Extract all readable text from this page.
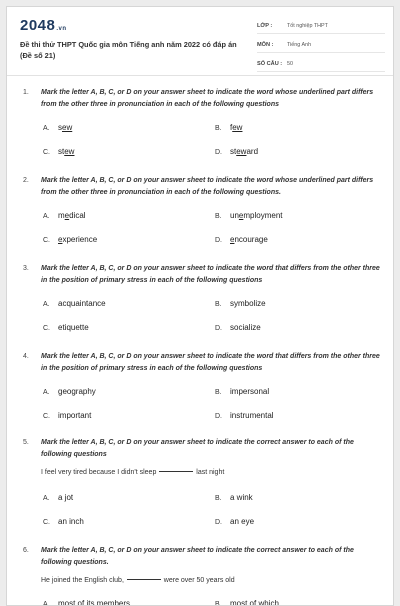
2048.vn
Đề thi thử THPT Quốc gia môn Tiếng anh năm 2022 có đáp án (Đề số 21)
LỚP :	Tốt nghiệp THPT
MÔN :	Tiếng Anh
SỐ CÂU : 50
1. Mark the letter A, B, C, or D on your answer sheet to indicate the word whose underlined part differs from the other three in pronunciation in each of the following questions
A. sew	B. few
C. stew	D. steward
2. Mark the letter A, B, C, or D on your answer sheet to indicate the word whose underlined part differs from the other three in pronunciation in each of the following questions.
A. medical	B. unemployment
C. experience	D. encourage
3. Mark the letter A, B, C, or D on your answer sheet to indicate the word that differs from the other three in the position of primary stress in each of the following questions
A. acquaintance	B. symbolize
C. etiquette	D. socialize
4. Mark the letter A, B, C, or D on your answer sheet to indicate the word that differs from the other three in the position of primary stress in each of the following questions
A. geography	B. impersonal
C. important	D. instrumental
5. Mark the letter A, B, C, or D on your answer sheet to indicate the correct answer to each of the following questions
I feel very tired because I didn't sleep	last night
A. a jot	B. a wink
C. an inch	D. an eye
6. Mark the letter A, B, C, or D on your answer sheet to indicate the correct answer to each of the following questions.
He joined the English club,	were over 50 years old
A. most of its members	B. most of which
